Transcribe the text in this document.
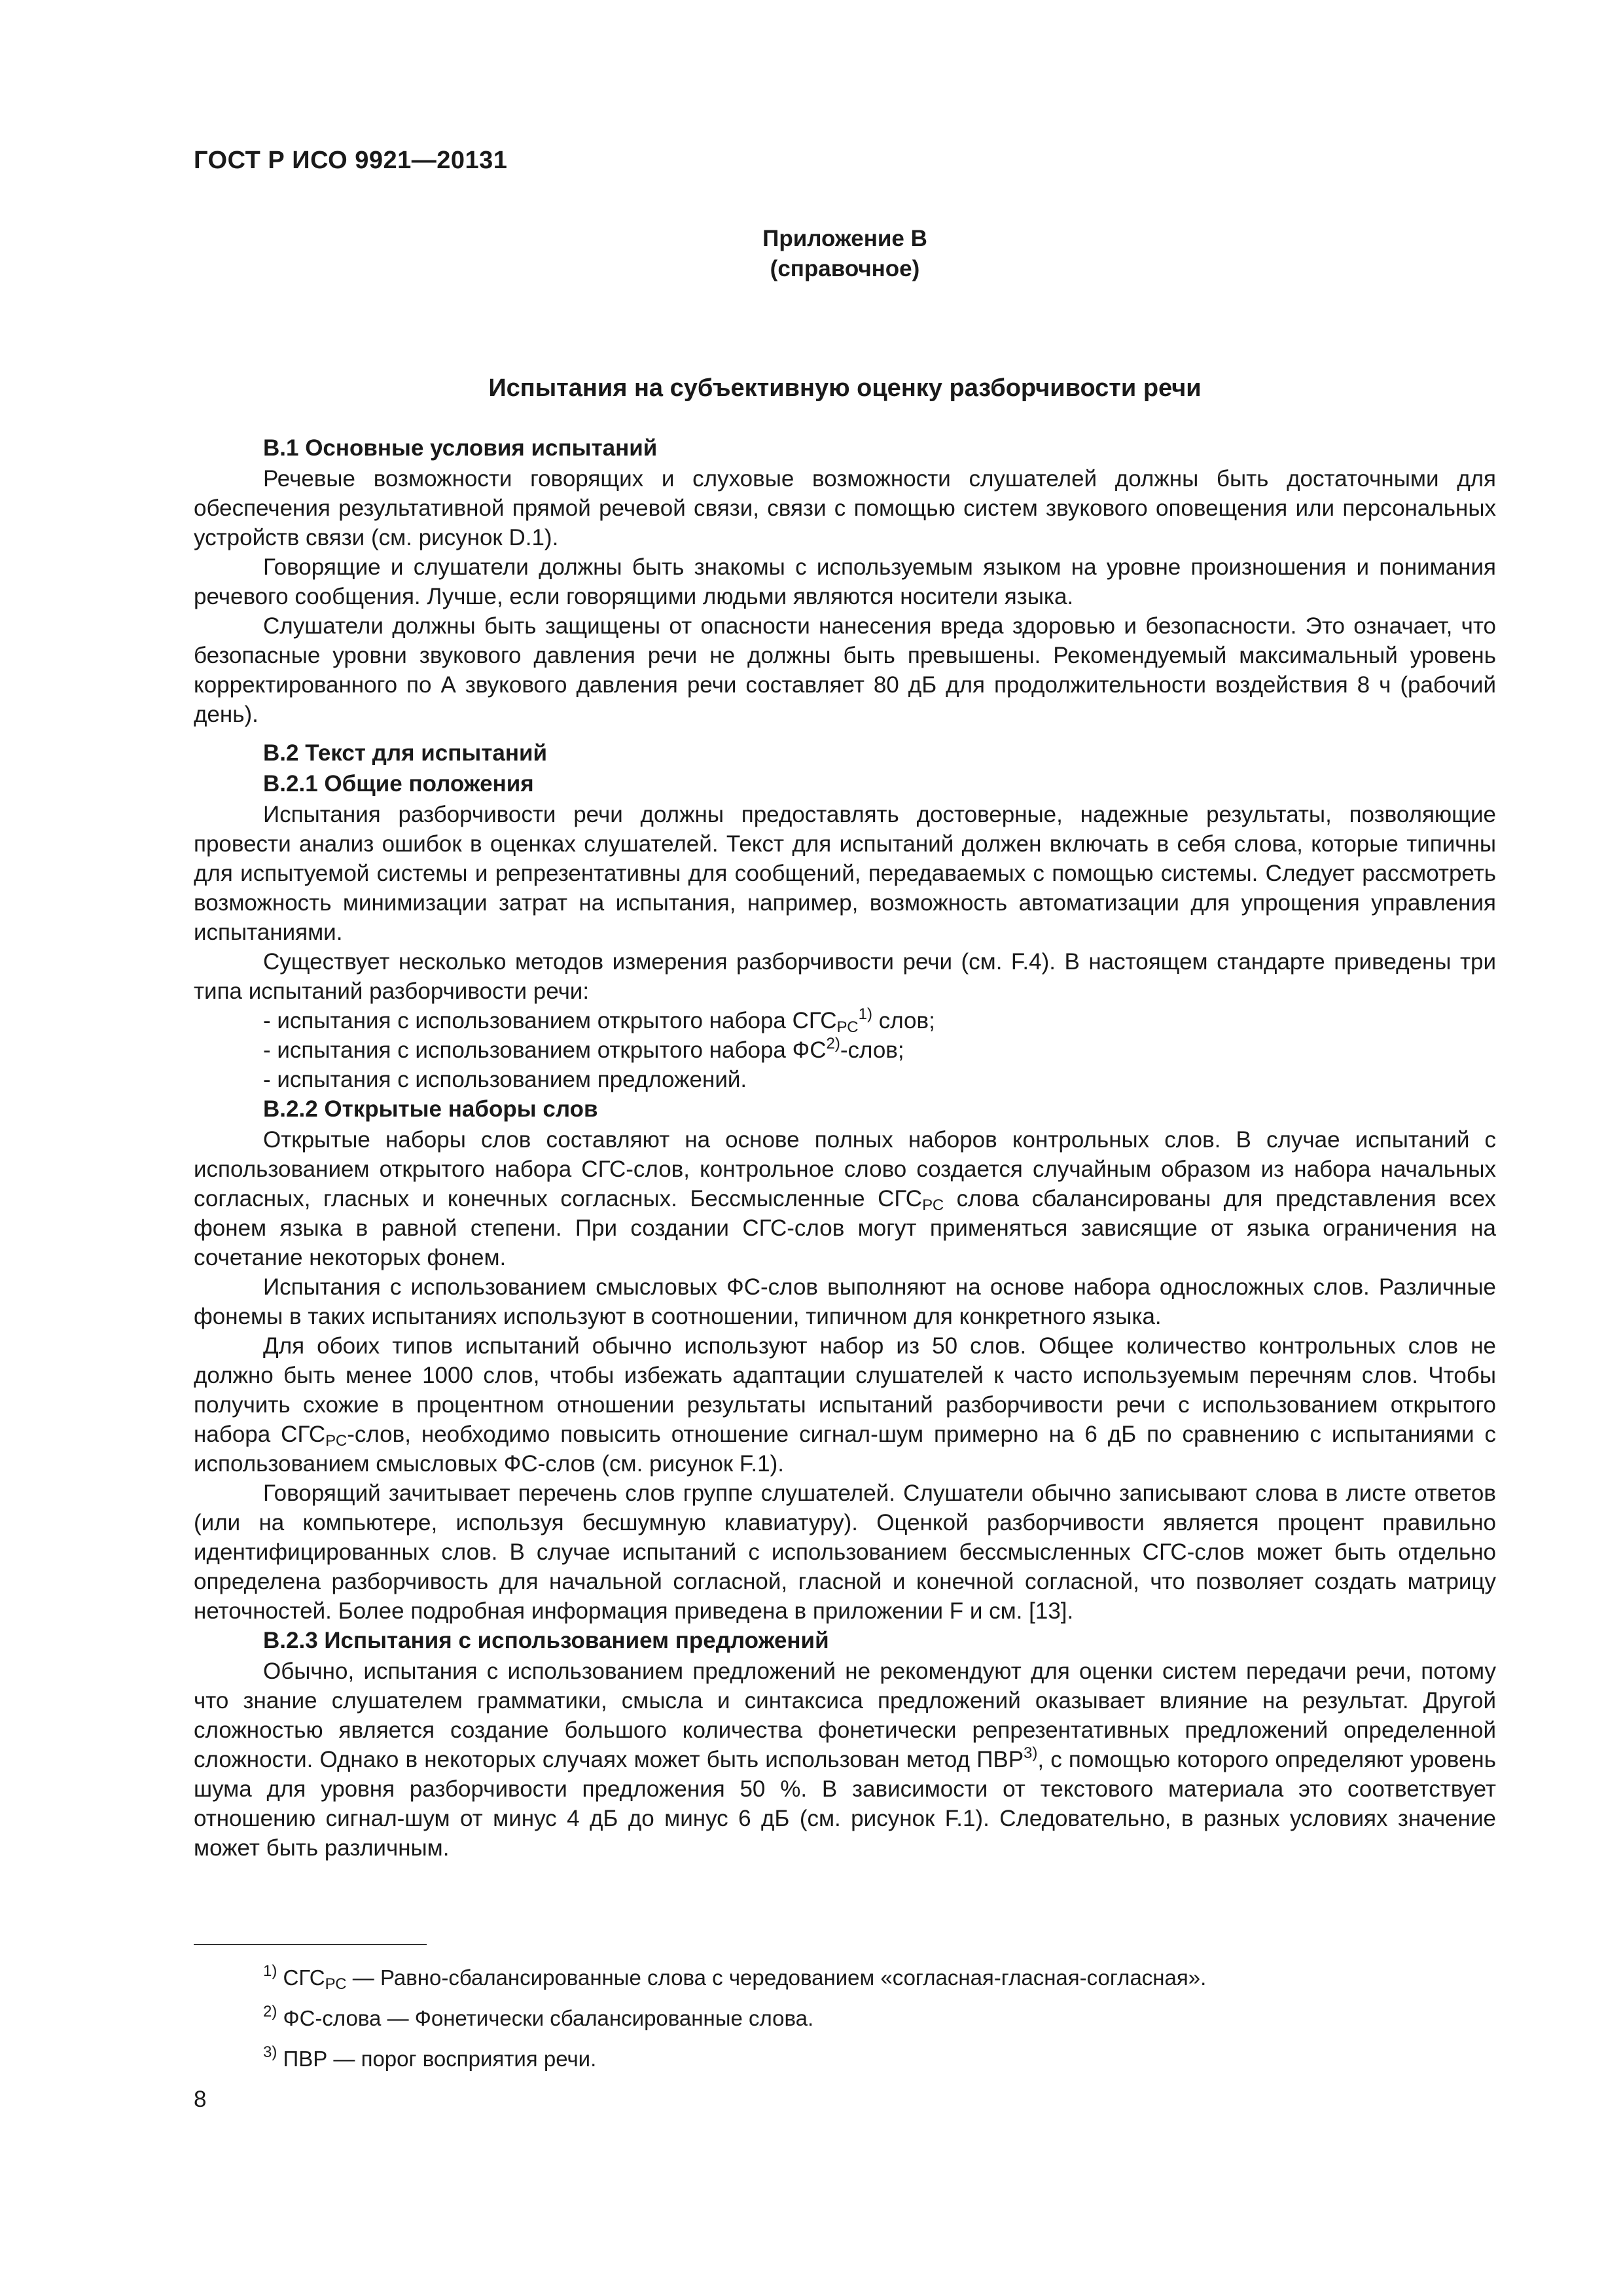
ГОСТ Р ИСО 9921—20131
Приложение В
(справочное)
Испытания на субъективную оценку разборчивости речи
В.1 Основные условия испытаний

Речевые возможности говорящих и слуховые возможности слушателей должны быть достаточными для обеспечения результативной прямой речевой связи, связи с помощью систем звукового оповещения или персональных устройств связи (см. рисунок D.1).

Говорящие и слушатели должны быть знакомы с используемым языком на уровне произношения и понимания речевого сообщения. Лучше, если говорящими людьми являются носители языка.

Слушатели должны быть защищены от опасности нанесения вреда здоровью и безопасности. Это означает, что безопасные уровни звукового давления речи не должны быть превышены. Рекомендуемый максимальный уровень корректированного по А звукового давления речи составляет 80 дБ для продолжительности воздействия 8 ч (рабочий день).

В.2 Текст для испытаний
В.2.1 Общие положения

Испытания разборчивости речи должны предоставлять достоверные, надежные результаты, позволяющие провести анализ ошибок в оценках слушателей. Текст для испытаний должен включать в себя слова, которые типичны для испытуемой системы и репрезентативны для сообщений, передаваемых с помощью системы. Следует рассмотреть возможность минимизации затрат на испытания, например, возможность автоматизации для упрощения управления испытаниями.

Существует несколько методов измерения разборчивости речи (см. F.4). В настоящем стандарте приведены три типа испытаний разборчивости речи:

- испытания с использованием открытого набора $СГС_{РС}^{1)}$ слов;

- испытания с использованием открытого набора ФС$^{2)}$-слов;

- испытания с использованием предложений.

В.2.2 Открытые наборы слов

Открытые наборы слов составляют на основе полных наборов контрольных слов. В случае испытаний с использованием открытого набора СГС-слов, контрольное слово создается случайным образом из набора начальных согласных, гласных и конечных согласных. Бессмысленные $СГС_{РС}$ слова сбалансированы для представления всех фонем языка в равной степени. При создании СГС-слов могут применяться зависящие от языка ограничения на сочетание некоторых фонем.

Испытания с использованием смысловых ФС-слов выполняют на основе набора односложных слов. Различные фонемы в таких испытаниях используют в соотношении, типичном для конкретного языка.

Для обоих типов испытаний обычно используют набор из 50 слов. Общее количество контрольных слов не должно быть менее 1000 слов, чтобы избежать адаптации слушателей к часто используемым перечням слов. Чтобы получить схожие в процентном отношении результаты испытаний разборчивости речи с использованием открытого набора $СГС_{РС}$-слов, необходимо повысить отношение сигнал-шум примерно на 6 дБ по сравнению с испытаниями с использованием смысловых ФС-слов (см. рисунок F.1).

Говорящий зачитывает перечень слов группе слушателей. Слушатели обычно записывают слова в листе ответов (или на компьютере, используя бесшумную клавиатуру). Оценкой разборчивости является процент правильно идентифицированных слов. В случае испытаний с использованием бессмысленных СГС-слов может быть отдельно определена разборчивость для начальной согласной, гласной и конечной согласной, что позволяет создать матрицу неточностей. Более подробная информация приведена в приложении F и см. [13].

В.2.3 Испытания с использованием предложений

Обычно, испытания с использованием предложений не рекомендуют для оценки систем передачи речи, потому что знание слушателем грамматики, смысла и синтаксиса предложений оказывает влияние на результат. Другой сложностью является создание большого количества фонетически репрезентативных предложений определенной сложности. Однако в некоторых случаях может быть использован метод ПВР$^{3)}$, с помощью которого определяют уровень шума для уровня разборчивости предложения 50 %. В зависимости от текстового материала это соответствует отношению сигнал-шум от минус 4 дБ до минус 6 дБ (см. рисунок F.1). Следовательно, в разных условиях значение может быть различным.

$^{1)}$ $СГС_{РС}$ — Равно-сбалансированные слова с чередованием «согласная-гласная-согласная».

$^{2)}$ ФС-слова — Фонетически сбалансированные слова.

$^{3)}$ ПВР — порог восприятия речи.

8
